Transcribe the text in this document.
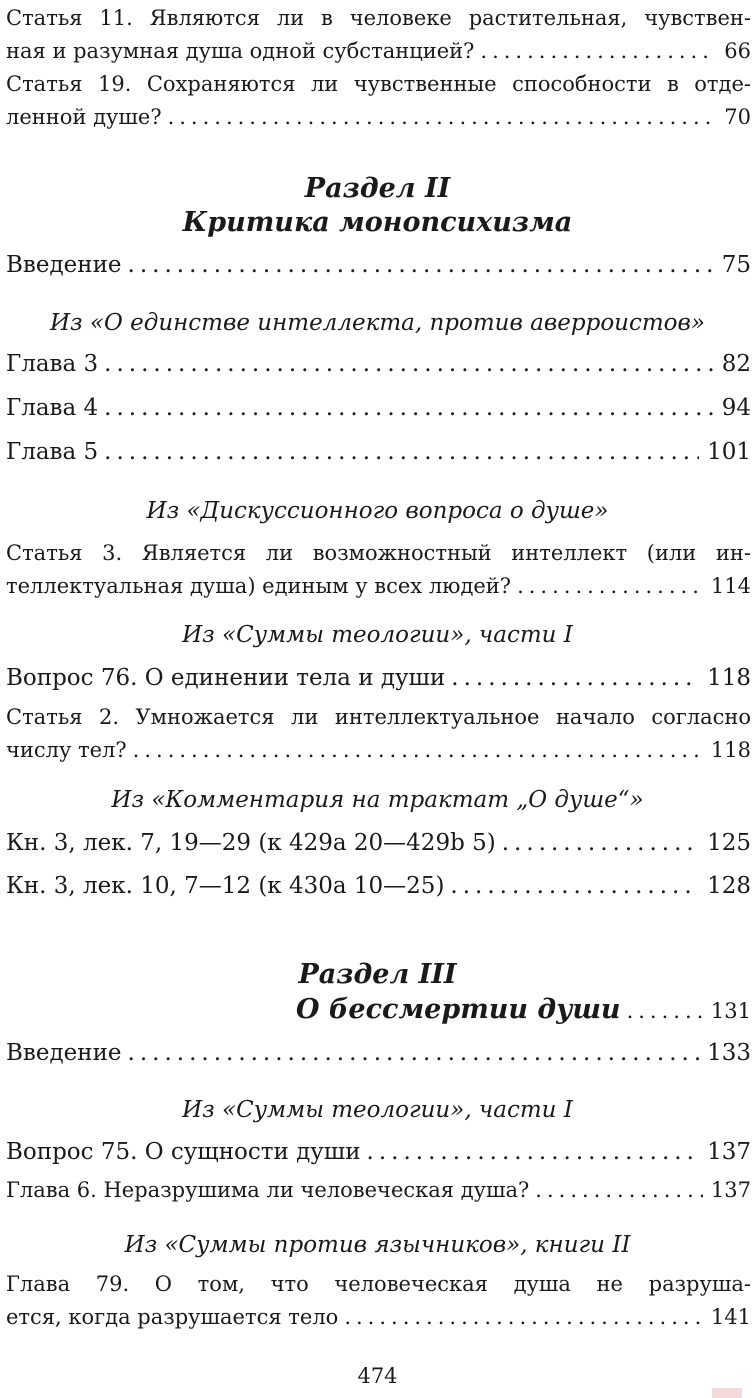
Статья 11. Являются ли в человеке растительная, чувствен-
ная и разумная душа одной субстанцией? .....	66
Статья 19. Сохраняются ли чувственные способности в отде-
ленной душе? .....	70
Раздел II
Критика монопсихизма
Введение .....	75
Из «О единстве интеллекта, против аверроистов»
Глава 3 .....	82
Глава 4 .....	94
Глава 5 .....	101
Из «Дискуссионного вопроса о душе»
Статья 3. Является ли возможностный интеллект (или ин-
теллектуальная душа) единым у всех людей? .....	114
Из «Суммы теологии», части I
Вопрос 76. О единении тела и души .....	118
Статья 2. Умножается ли интеллектуальное начало согласно
числу тел? .....	118
Из «Комментария на трактат „О душе“»
Кн. 3, лек. 7, 19—29 (к 429a 20—429b 5) .....	125
Кн. 3, лек. 10, 7—12 (к 430a 10—25) .....	128
Раздел III
О бессмертии души .....	131
Введение .....	133
Из «Суммы теологии», части I
Вопрос 75. О сущности души .....	137
Глава 6. Неразрушима ли человеческая душа? .....	137
Из «Суммы против язычников», книги II
Глава 79. О том, что человеческая душа не разруша-
ется, когда разрушается тело .....	141
474
